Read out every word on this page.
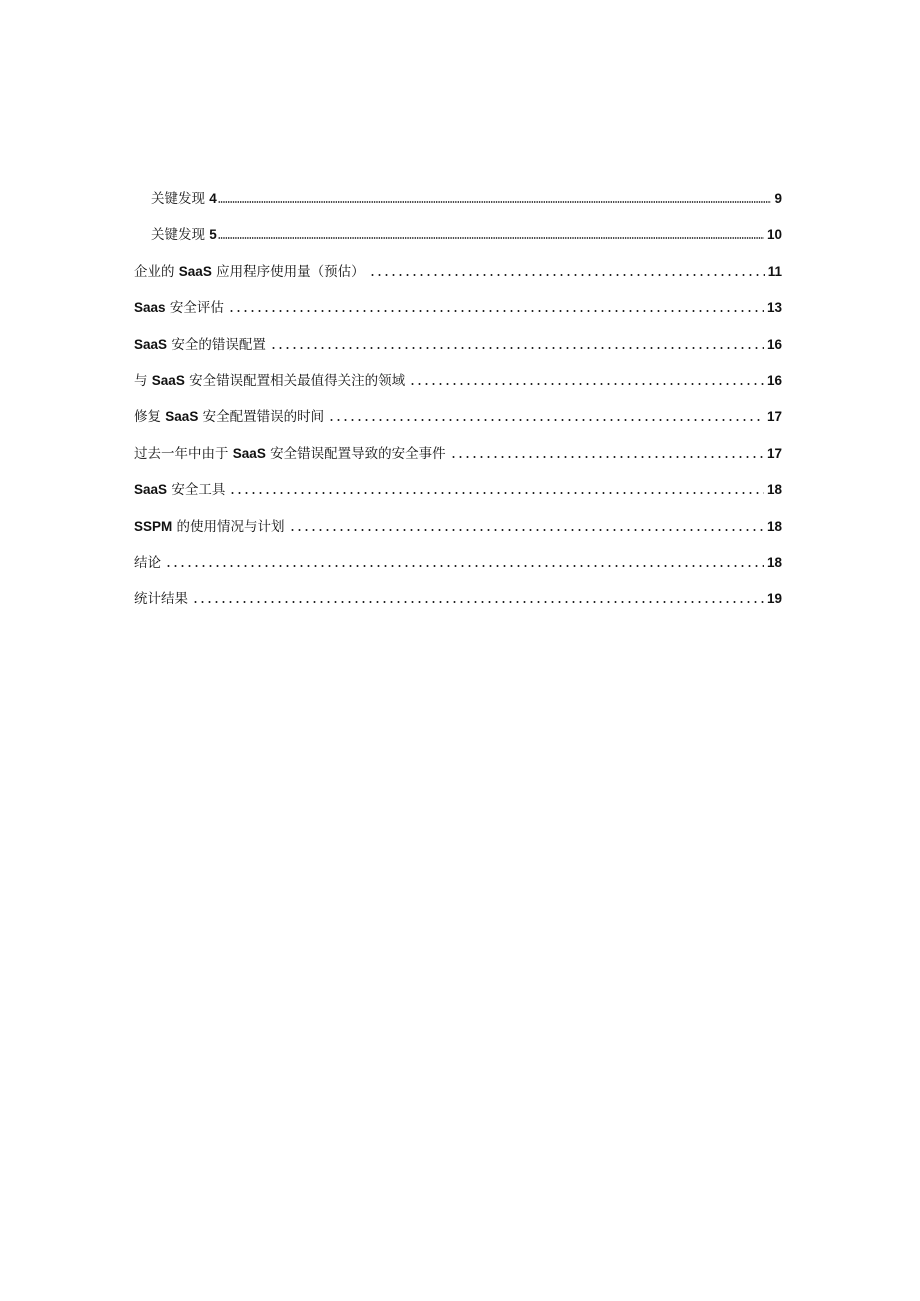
关键发现 4	9
关键发现 5	10
企业的 SaaS 应用程序使用量（预估）	11
Saas 安全评估	13
SaaS 安全的错误配置	16
与 SaaS 安全错误配置相关最值得关注的领域	16
修复 SaaS 安全配置错误的时间	17
过去一年中由于 SaaS 安全错误配置导致的安全事件	17
SaaS 安全工具	18
SSPM 的使用情况与计划	18
结论	18
统计结果	19
